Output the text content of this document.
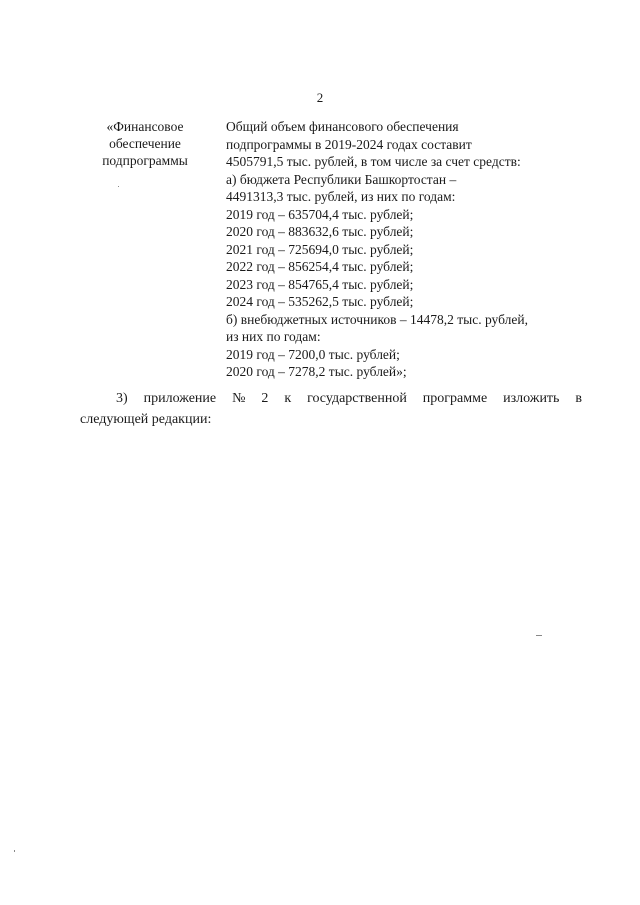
2
«Финансовое
обеспечение
подпрограммы
Общий объем финансового обеспечения
подпрограммы в 2019-2024 годах составит
4505791,5 тыс. рублей, в том числе за счет средств:
а) бюджета Республики Башкортостан –
4491313,3 тыс. рублей, из них по годам:
2019 год – 635704,4 тыс. рублей;
2020 год – 883632,6 тыс. рублей;
2021 год – 725694,0 тыс. рублей;
2022 год – 856254,4 тыс. рублей;
2023 год – 854765,4 тыс. рублей;
2024 год – 535262,5 тыс. рублей;
б) внебюджетных источников – 14478,2 тыс. рублей,
из них по годам:
2019 год – 7200,0 тыс. рублей;
2020 год – 7278,2 тыс. рублей»;
3) приложение № 2 к государственной программе изложить в
следующей редакции:
